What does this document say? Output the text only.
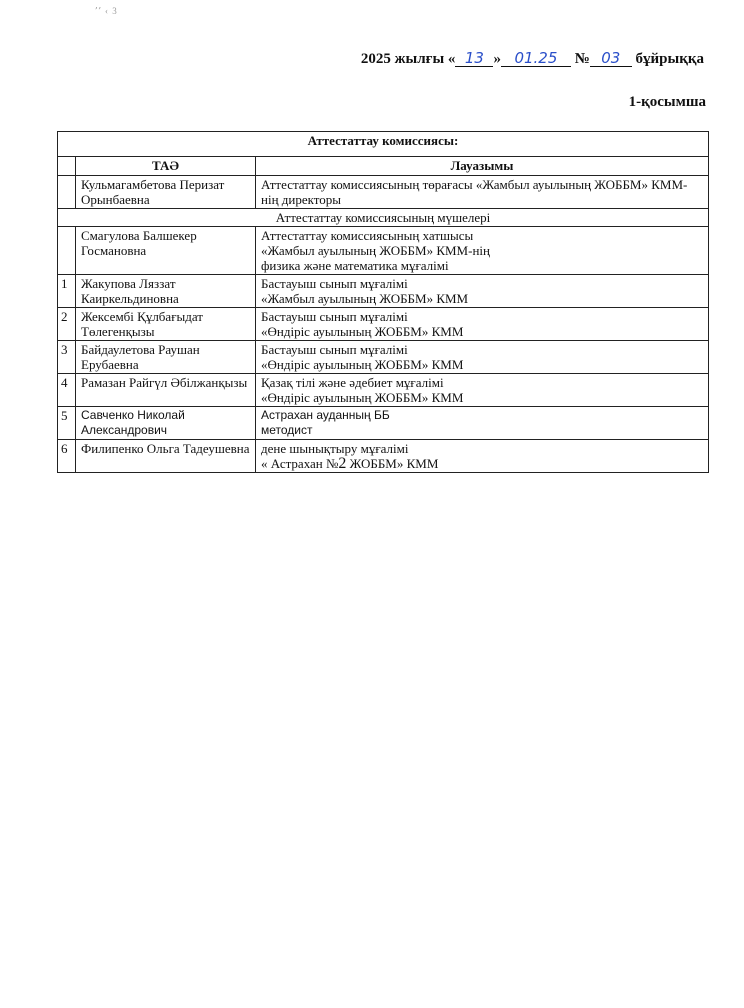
՚՚ ‹ 3
2025 жылғы « 13 » 01.25 № 03 бұйрыққа
1-қосымша
Аттестаттау комиссиясы:		
	ТАӘ	Лауазымы
	Кульмагамбетова Перизат Орынбаевна	Аттестаттау комиссиясының төрағасы «Жамбыл ауылының ЖОББМ» КММ-нің директоры
Аттестаттау комиссиясының мүшелері		
	Смагулова Балшекер Госмановна	Аттестаттау комиссиясының хатшысы
«Жамбыл ауылының ЖОББМ» КММ-нің
физика және математика мұғалімі

1	Жакупова Ляззат Каиркельдиновна	Бастауыш сынып мұғалімі
«Жамбыл ауылының ЖОББМ» КММ

2	Жексембі Құлбағыдат Төлегенқызы	Бастауыш сынып мұғалімі
«Өндіріс ауылының ЖОББМ» КММ

3	Байдаулетова Раушан Ерубаевна	Бастауыш сынып мұғалімі
«Өндіріс ауылының ЖОББМ» КММ

4	Рамазан Райгүл Әбілжанқызы	Қазақ тілі және әдебиет мұғалімі
«Өндіріс ауылының ЖОББМ» КММ

5	Савченко Николай Александрович	Астрахан ауданның ББ
методист

6	Филипенко Ольга Тадеушевна	дене шынықтыру мұғалімі
« Астрахан №2 ЖОББМ» КММ
